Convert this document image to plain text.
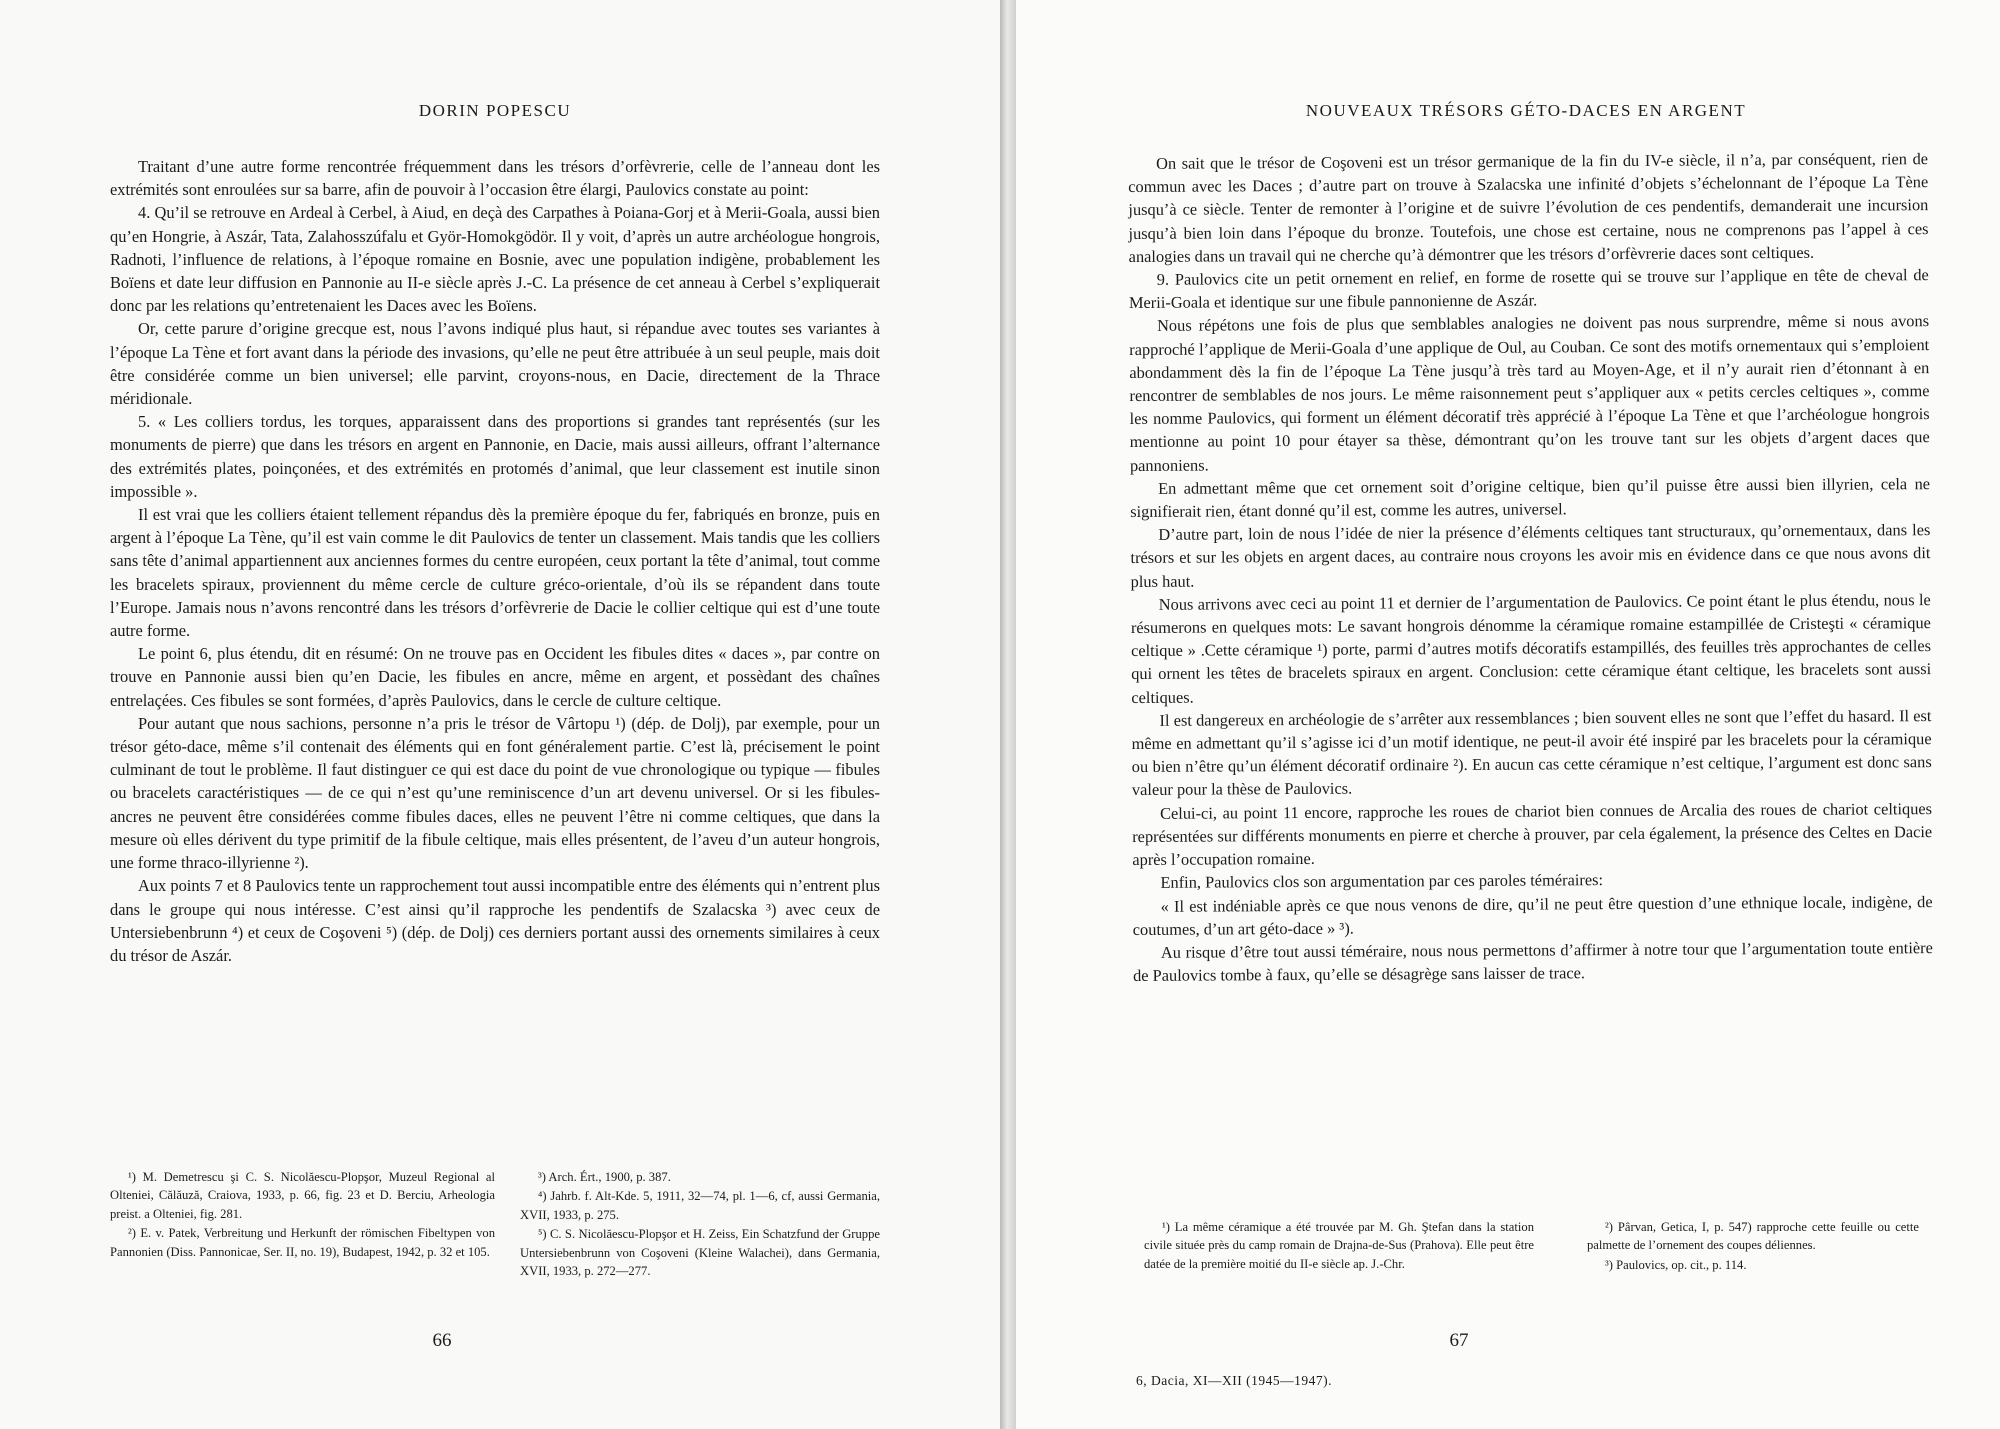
DORIN POPESCU

Traitant d’une autre forme rencontrée fréquemment dans les trésors d’orfèvrerie, celle de l’anneau dont les extrémités sont enroulées sur sa barre, afin de pouvoir à l’occasion être élargi, Paulovics constate au point:

4. Qu’il se retrouve en Ardeal à Cerbel, à Aiud, en deçà des Carpathes à Poiana-Gorj et à Merii-Goala, aussi bien qu’en Hongrie, à Aszár, Tata, Zalahosszúfalu et Györ-Homokgödör. Il y voit, d’après un autre archéologue hongrois, Radnoti, l’influence de relations, à l’époque romaine en Bosnie, avec une population indigène, probablement les Boïens et date leur diffusion en Pannonie au II-e siècle après J.-C. La présence de cet anneau à Cerbel s’expliquerait donc par les relations qu’entretenaient les Daces avec les Boïens.

Or, cette parure d’origine grecque est, nous l’avons indiqué plus haut, si répandue avec toutes ses variantes à l’époque La Tène et fort avant dans la période des invasions, qu’elle ne peut être attribuée à un seul peuple, mais doit être considérée comme un bien universel; elle parvint, croyons-nous, en Dacie, directement de la Thrace méridionale.

5. « Les colliers tordus, les torques, apparaissent dans des proportions si grandes tant représentés (sur les monuments de pierre) que dans les trésors en argent en Pannonie, en Dacie, mais aussi ailleurs, offrant l’alternance des extrémités plates, poinçonées, et des extrémités en protomés d’animal, que leur classement est inutile sinon impossible ».

Il est vrai que les colliers étaient tellement répandus dès la première époque du fer, fabriqués en bronze, puis en argent à l’époque La Tène, qu’il est vain comme le dit Paulovics de tenter un classement. Mais tandis que les colliers sans tête d’animal appartiennent aux anciennes formes du centre européen, ceux portant la tête d’animal, tout comme les bracelets spiraux, proviennent du même cercle de culture gréco-orientale, d’où ils se répandent dans toute l’Europe. Jamais nous n’avons rencontré dans les trésors d’orfèvrerie de Dacie le collier celtique qui est d’une toute autre forme.

Le point 6, plus étendu, dit en résumé: On ne trouve pas en Occident les fibules dites « daces », par contre on trouve en Pannonie aussi bien qu’en Dacie, les fibules en ancre, même en argent, et possèdant des chaînes entrelaçées. Ces fibules se sont formées, d’après Paulovics, dans le cercle de culture celtique.

Pour autant que nous sachions, personne n’a pris le trésor de Vârtopu ¹) (dép. de Dolj), par exemple, pour un trésor géto-dace, même s’il contenait des éléments qui en font généralement partie. C’est là, précisement le point culminant de tout le problème. Il faut distinguer ce qui est dace du point de vue chronologique ou typique — fibules ou bracelets caractéristiques — de ce qui n’est qu’une reminiscence d’un art devenu universel. Or si les fibules-ancres ne peuvent être considérées comme fibules daces, elles ne peuvent l’être ni comme celtiques, que dans la mesure où elles dérivent du type primitif de la fibule celtique, mais elles présentent, de l’aveu d’un auteur hongrois, une forme thraco-illyrienne ²).

Aux points 7 et 8 Paulovics tente un rapprochement tout aussi incompatible entre des éléments qui n’entrent plus dans le groupe qui nous intéresse. C’est ainsi qu’il rapproche les pendentifs de Szalacska ³) avec ceux de Untersiebenbrunn ⁴) et ceux de Coşoveni ⁵) (dép. de Dolj) ces derniers portant aussi des ornements similaires à ceux du trésor de Aszár.

¹) M. Demetrescu şi C. S. Nicolăescu-Plopşor, Muzeul Regional al Olteniei, Călăuză, Craiova, 1933, p. 66, fig. 23 et D. Berciu, Arheologia preist. a Olteniei, fig. 281.

²) E. v. Patek, Verbreitung und Herkunft der römischen Fibeltypen von Pannonien (Diss. Pannonicae, Ser. II, no. 19), Budapest, 1942, p. 32 et 105.

³) Arch. Ért., 1900, p. 387.

⁴) Jahrb. f. Alt-Kde. 5, 1911, 32—74, pl. 1—6, cf, aussi Germania, XVII, 1933, p. 275.

⁵) C. S. Nicolăescu-Plopşor et H. Zeiss, Ein Schatzfund der Gruppe Untersiebenbrunn von Coşoveni (Kleine Walachei), dans Germania, XVII, 1933, p. 272—277.

66
NOUVEAUX TRÉSORS GÉTO-DACES EN ARGENT

On sait que le trésor de Coşoveni est un trésor germanique de la fin du IV-e siècle, il n’a, par conséquent, rien de commun avec les Daces ; d’autre part on trouve à Szalacska une infinité d’objets s’échelonnant de l’époque La Tène jusqu’à ce siècle. Tenter de remonter à l’origine et de suivre l’évolution de ces pendentifs, demanderait une incursion jusqu’à bien loin dans l’époque du bronze. Toutefois, une chose est certaine, nous ne comprenons pas l’appel à ces analogies dans un travail qui ne cherche qu’à démontrer que les trésors d’orfèvrerie daces sont celtiques.

9. Paulovics cite un petit ornement en relief, en forme de rosette qui se trouve sur l’applique en tête de cheval de Merii-Goala et identique sur une fibule pannonienne de Aszár.

Nous répétons une fois de plus que semblables analogies ne doivent pas nous surprendre, même si nous avons rapproché l’applique de Merii-Goala d’une applique de Oul, au Couban. Ce sont des motifs ornementaux qui s’emploient abondamment dès la fin de l’époque La Tène jusqu’à très tard au Moyen-Age, et il n’y aurait rien d’étonnant à en rencontrer de semblables de nos jours. Le même raisonnement peut s’appliquer aux « petits cercles celtiques », comme les nomme Paulovics, qui forment un élément décoratif très apprécié à l’époque La Tène et que l’archéologue hongrois mentionne au point 10 pour étayer sa thèse, démontrant qu’on les trouve tant sur les objets d’argent daces que pannoniens.

En admettant même que cet ornement soit d’origine celtique, bien qu’il puisse être aussi bien illyrien, cela ne signifierait rien, étant donné qu’il est, comme les autres, universel.

D’autre part, loin de nous l’idée de nier la présence d’éléments celtiques tant structuraux, qu’ornementaux, dans les trésors et sur les objets en argent daces, au contraire nous croyons les avoir mis en évidence dans ce que nous avons dit plus haut.

Nous arrivons avec ceci au point 11 et dernier de l’argumentation de Paulovics. Ce point étant le plus étendu, nous le résumerons en quelques mots: Le savant hongrois dénomme la céramique romaine estampillée de Cristeşti « céramique celtique » .Cette céramique ¹) porte, parmi d’autres motifs décoratifs estampillés, des feuilles très approchantes de celles qui ornent les têtes de bracelets spiraux en argent. Conclusion: cette céramique étant celtique, les bracelets sont aussi celtiques.

Il est dangereux en archéologie de s’arrêter aux ressemblances ; bien souvent elles ne sont que l’effet du hasard. Il est même en admettant qu’il s’agisse ici d’un motif identique, ne peut-il avoir été inspiré par les bracelets pour la céramique ou bien n’être qu’un élément décoratif ordinaire ²). En aucun cas cette céramique n’est celtique, l’argument est donc sans valeur pour la thèse de Paulovics.

Celui-ci, au point 11 encore, rapproche les roues de chariot bien connues de Arcalia des roues de chariot celtiques représentées sur différents monuments en pierre et cherche à prouver, par cela également, la présence des Celtes en Dacie après l’occupation romaine.

Enfin, Paulovics clos son argumentation par ces paroles téméraires:

« Il est indéniable après ce que nous venons de dire, qu’il ne peut être question d’une ethnique locale, indigène, de coutumes, d’un art géto-dace » ³).

Au risque d’être tout aussi téméraire, nous nous permettons d’affirmer à notre tour que l’argumentation toute entière de Paulovics tombe à faux, qu’elle se désagrège sans laisser de trace.

¹) La même céramique a été trouvée par M. Gh. Ştefan dans la station civile située près du camp romain de Drajna-de-Sus (Prahova). Elle peut être datée de la première moitié du II-e siècle ap. J.-Chr.

²) Pârvan, Getica, I, p. 547) rapproche cette feuille ou cette palmette de l’ornement des coupes déliennes.

³) Paulovics, op. cit., p. 114.

67
6, Dacia, XI—XII (1945—1947).
